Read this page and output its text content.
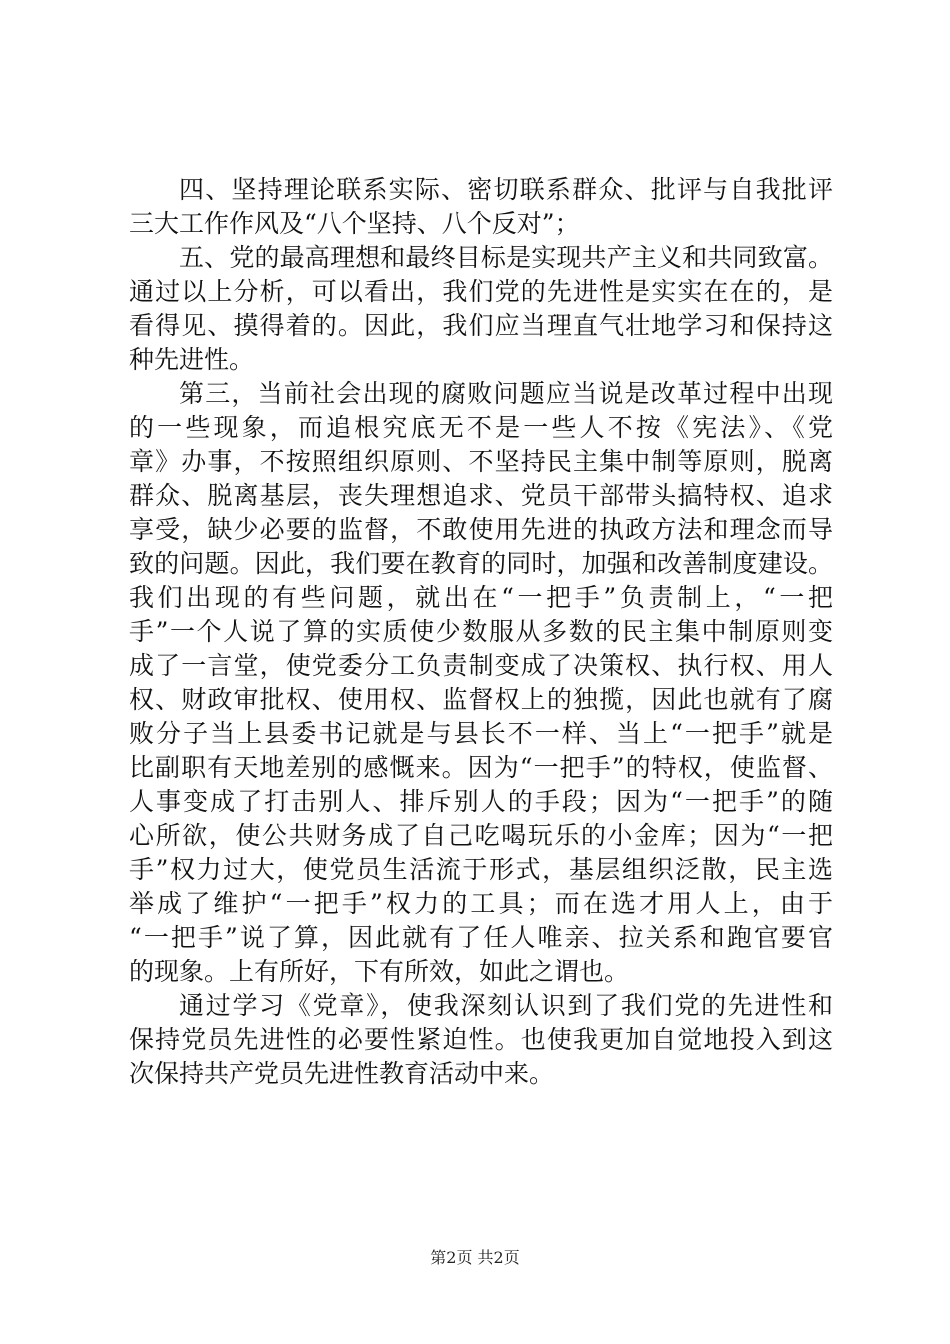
四、坚持理论联系实际、密切联系群众、批评与自我批评
三大工作作风及“八个坚持、八个反对”；
五、党的最高理想和最终目标是实现共产主义和共同致富。
通过以上分析，可以看出，我们党的先进性是实实在在的，是
看得见、摸得着的。因此，我们应当理直气壮地学习和保持这
种先进性。
第三，当前社会出现的腐败问题应当说是改革过程中出现
的一些现象，而追根究底无不是一些人不按《宪法》、《党
章》办事，不按照组织原则、不坚持民主集中制等原则，脱离
群众、脱离基层，丧失理想追求、党员干部带头搞特权、追求
享受，缺少必要的监督，不敢使用先进的执政方法和理念而导
致的问题。因此，我们要在教育的同时，加强和改善制度建设。
我们出现的有些问题，就出在“一把手”负责制上，“一把
手”一个人说了算的实质使少数服从多数的民主集中制原则变
成了一言堂，使党委分工负责制变成了决策权、执行权、用人
权、财政审批权、使用权、监督权上的独揽，因此也就有了腐
败分子当上县委书记就是与县长不一样、当上“一把手”就是
比副职有天地差别的感慨来。因为“一把手”的特权，使监督、
人事变成了打击别人、排斥别人的手段；因为“一把手”的随
心所欲，使公共财务成了自己吃喝玩乐的小金库；因为“一把
手”权力过大，使党员生活流于形式，基层组织泛散，民主选
举成了维护“一把手”权力的工具；而在选才用人上，由于
“一把手”说了算，因此就有了任人唯亲、拉关系和跑官要官
的现象。上有所好，下有所效，如此之谓也。
通过学习《党章》，使我深刻认识到了我们党的先进性和
保持党员先进性的必要性紧迫性。也使我更加自觉地投入到这
次保持共产党员先进性教育活动中来。
第2页 共2页
